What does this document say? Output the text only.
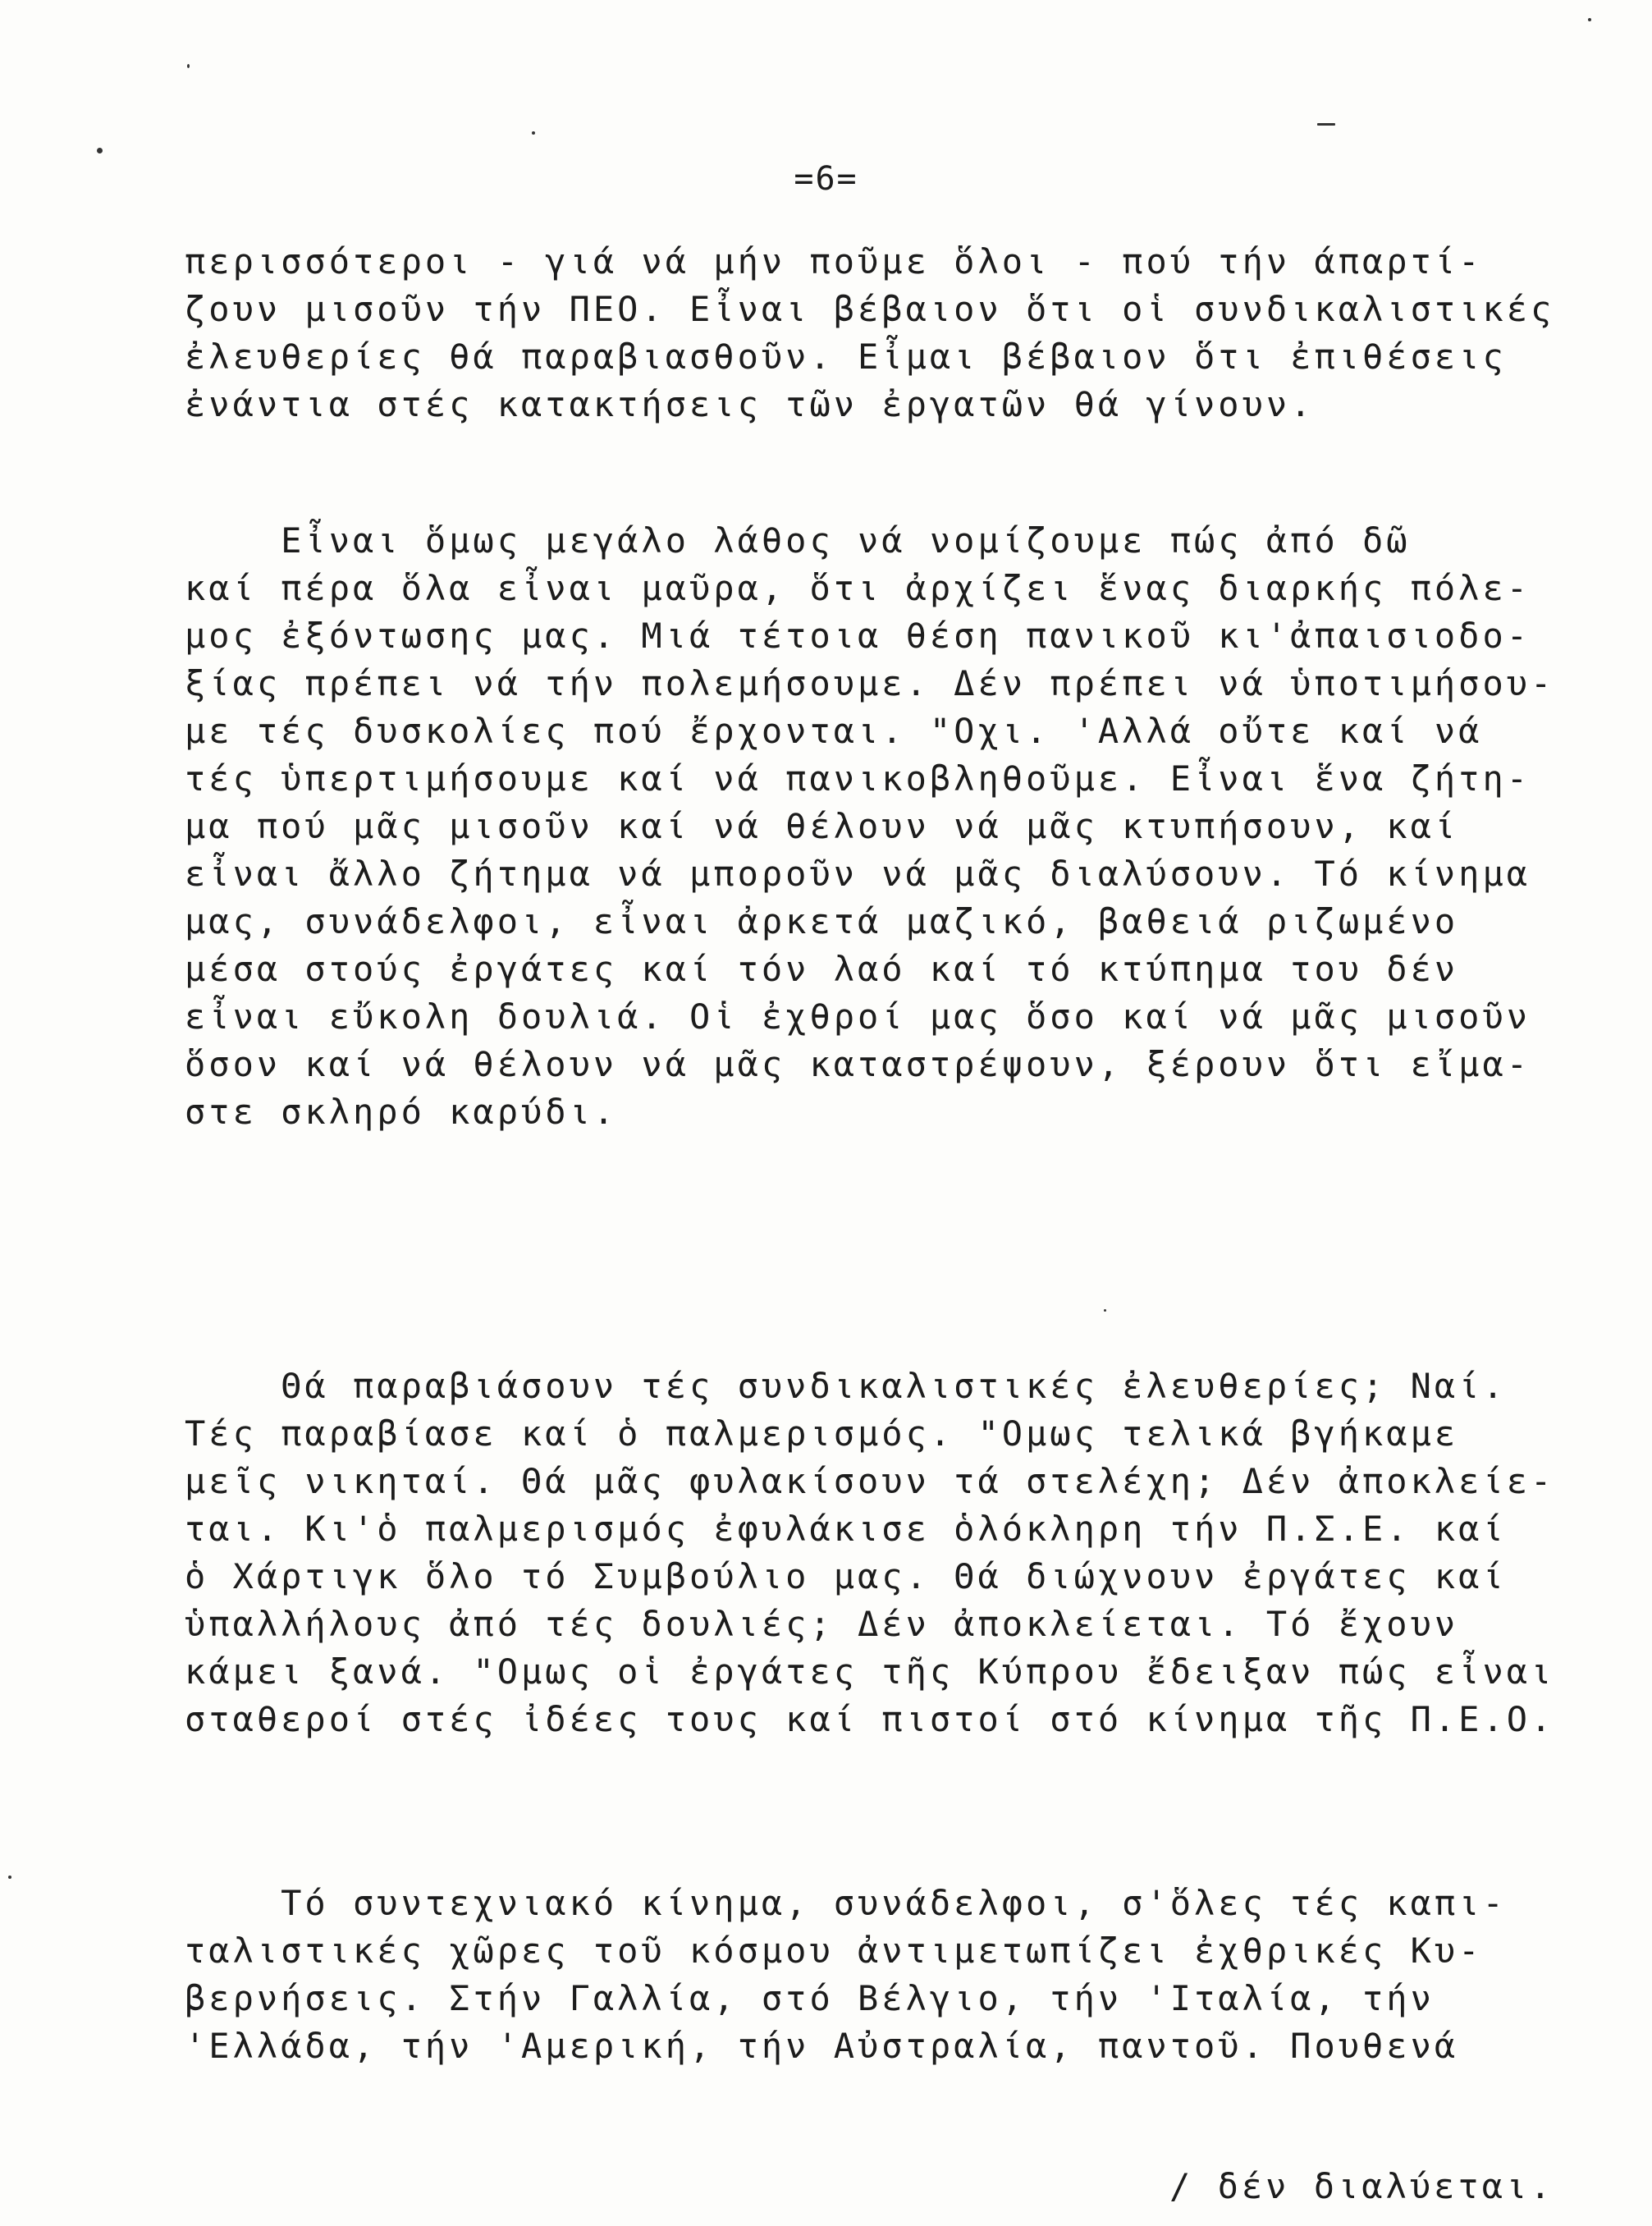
=6=
περισσότεροι - γιά νά μήν ποῦμε ὅλοι - πού τήν άπαρτί-
ζουν μισοῦν τήν ΠΕΟ. Εἶναι βέβαιον ὅτι οἱ συνδικαλιστικές
ἐλευθερίες θά παραβιασθοῦν. Εἶμαι βέβαιον ὅτι ἐπιθέσεις
ἐνάντια στές κατακτήσεις τῶν ἐργατῶν θά γίνουν.
Εἶναι ὅμως μεγάλο λάθος νά νομίζουμε πώς ἀπό δῶ
καί πέρα ὅλα εἶναι μαῦρα, ὅτι ἀρχίζει ἕνας διαρκής πόλε-
μος ἐξόντωσης μας. Μιά τέτοια θέση πανικοῦ κι'ἀπαισιοδο-
ξίας πρέπει νά τήν πολεμήσουμε. Δέν πρέπει νά ὑποτιμήσου-
με τές δυσκολίες πού ἔρχονται. "Οχι. 'Αλλά οὔτε καί νά
τές ὑπερτιμήσουμε καί νά πανικοβληθοῦμε. Εἶναι ἕνα ζήτη-
μα πού μᾶς μισοῦν καί νά θέλουν νά μᾶς κτυπήσουν, καί
εἶναι ἄλλο ζήτημα νά μποροῦν νά μᾶς διαλύσουν. Τό κίνημα
μας, συνάδελφοι, εἶναι ἀρκετά μαζικό, βαθειά ριζωμένο
μέσα στούς ἐργάτες καί τόν λαό καί τό κτύπημα του δέν
εἶναι εὔκολη δουλιά. Οἱ ἐχθροί μας ὅσο καί νά μᾶς μισοῦν
ὅσον καί νά θέλουν νά μᾶς καταστρέψουν, ξέρουν ὅτι εἴμα-
στε σκληρό καρύδι.
Θά παραβιάσουν τές συνδικαλιστικές ἐλευθερίες; Ναί.
Τές παραβίασε καί ὁ παλμερισμός. "Ομως τελικά βγήκαμε
μεῖς νικηταί. Θά μᾶς φυλακίσουν τά στελέχη; Δέν ἀποκλείε-
ται. Κι'ὁ παλμερισμός ἐφυλάκισε ὁλόκληρη τήν Π.Σ.Ε. καί
ὁ Χάρτιγκ ὅλο τό Συμβούλιο μας. Θά διώχνουν ἐργάτες καί
ὑπαλλήλους ἀπό τές δουλιές; Δέν ἀποκλείεται. Τό ἔχουν
κάμει ξανά. "Ομως οἱ ἐργάτες τῆς Κύπρου ἔδειξαν πώς εἶναι
σταθεροί στές ἰδέες τους καί πιστοί στό κίνημα τῆς Π.Ε.Ο.
Τό συντεχνιακό κίνημα, συνάδελφοι, σ'ὅλες τές καπι-
ταλιστικές χῶρες τοῦ κόσμου ἀντιμετωπίζει ἐχθρικές Κυ-
βερνήσεις. Στήν Γαλλία, στό Βέλγιο, τήν 'Ιταλία, τήν
'Ελλάδα, τήν 'Αμερική, τήν Αὐστραλία, παντοῦ. Πουθενά
/ δέν διαλύεται.
